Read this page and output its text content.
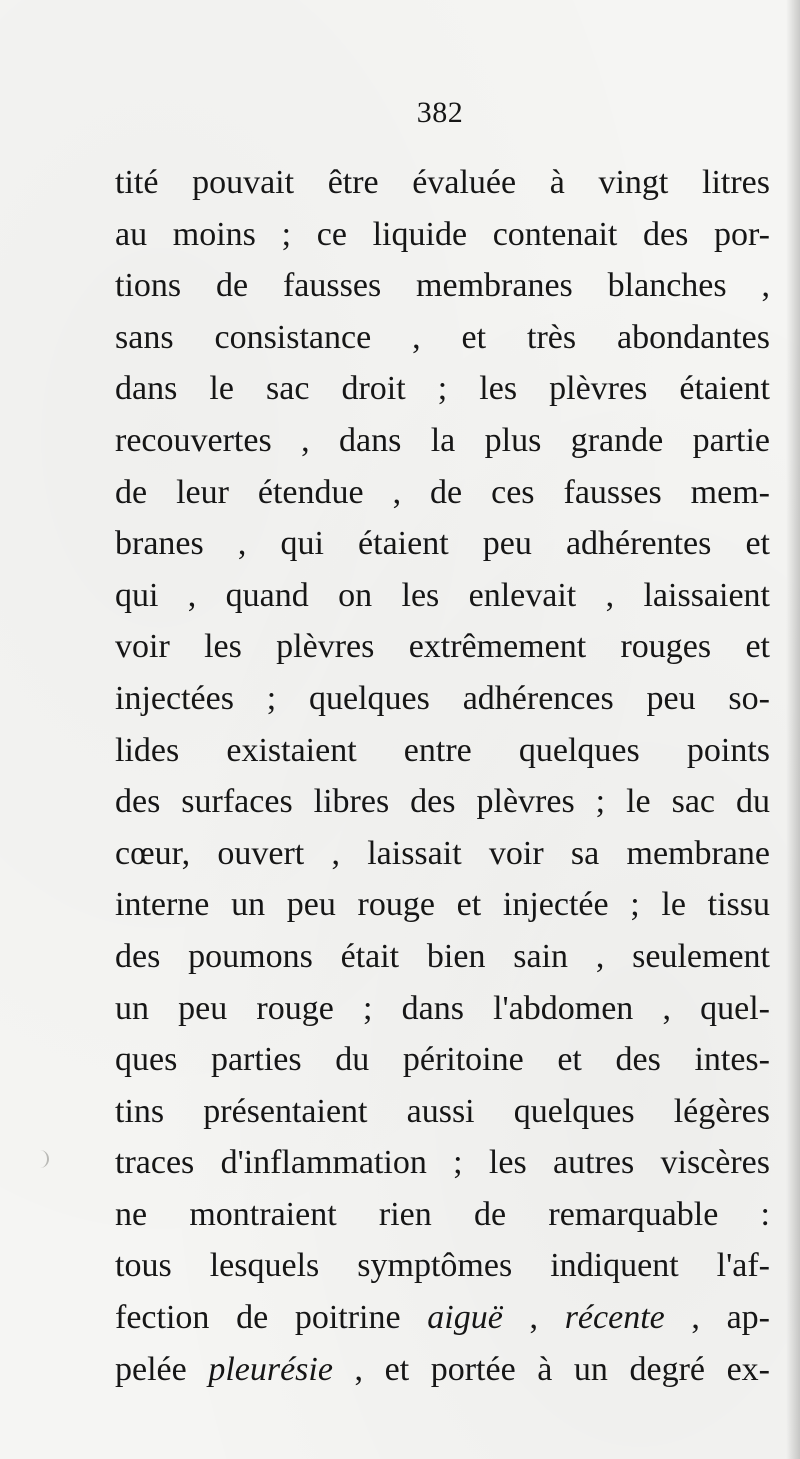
382
tité pouvait être évaluée à vingt litres
au moins ; ce liquide contenait des por-
tions de fausses membranes blanches ,
sans consistance , et très abondantes
dans le sac droit ; les plèvres étaient
recouvertes , dans la plus grande partie
de leur étendue , de ces fausses mem-
branes , qui étaient peu adhérentes et
qui , quand on les enlevait , laissaient
voir les plèvres extrêmement rouges et
injectées ; quelques adhérences peu so-
lides existaient entre quelques points
des surfaces libres des plèvres ; le sac du
cœur, ouvert , laissait voir sa membrane
interne un peu rouge et injectée ; le tissu
des poumons était bien sain , seulement
un peu rouge ; dans l'abdomen , quel-
ques parties du péritoine et des intes-
tins présentaient aussi quelques légères
traces d'inflammation ; les autres viscères
ne montraient rien de remarquable :
tous lesquels symptômes indiquent l'af-
fection de poitrine aiguë , récente , ap-
pelée pleurésie , et portée à un degré ex-
